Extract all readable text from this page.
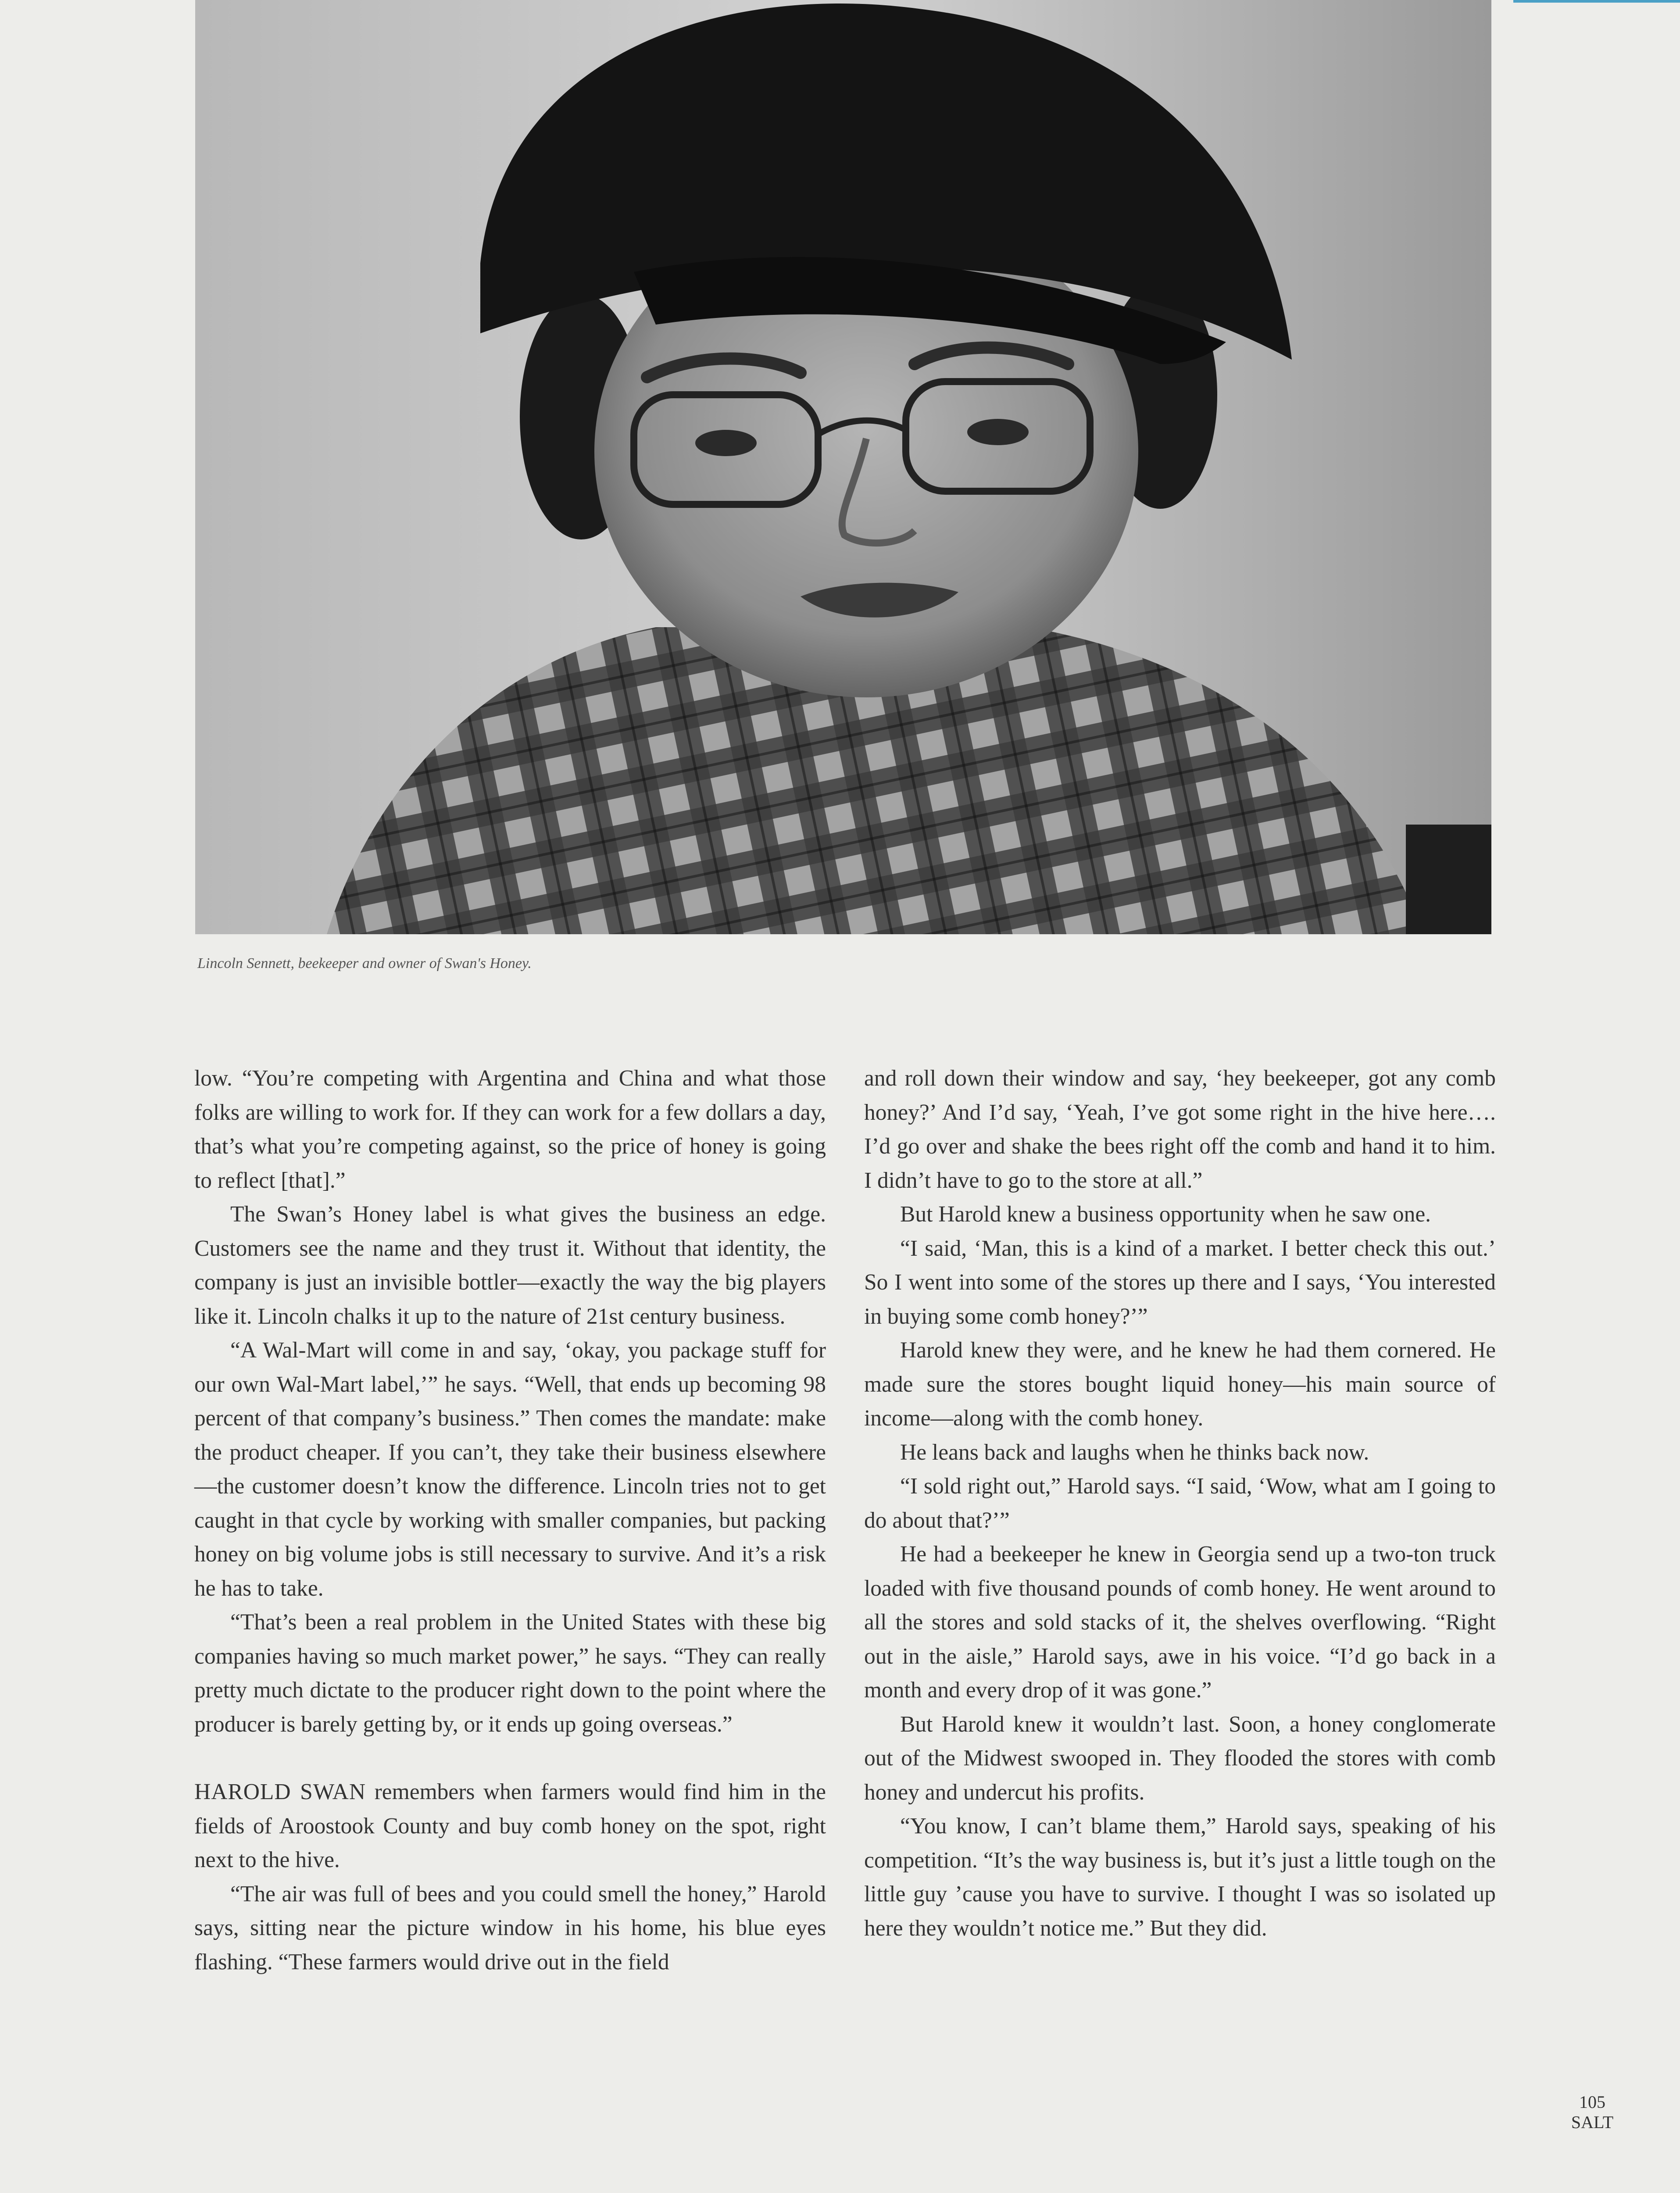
Lincoln Sennett, beekeeper and owner of Swan's Honey.

low. “You’re competing with Argentina and China and what those folks are willing to work for. If they can work for a few dollars a day, that’s what you’re competing against, so the price of honey is going to reflect [that].”

The Swan’s Honey label is what gives the business an edge. Customers see the name and they trust it. Without that identity, the company is just an invisible bottler—exactly the way the big players like it. Lincoln chalks it up to the nature of 21st century business.

“A Wal-Mart will come in and say, ‘okay, you package stuff for our own Wal-Mart label,’” he says. “Well, that ends up becoming 98 percent of that company’s business.” Then comes the mandate: make the product cheaper. If you can’t, they take their business elsewhere—the customer doesn’t know the difference. Lincoln tries not to get caught in that cycle by working with smaller companies, but packing honey on big volume jobs is still necessary to survive. And it’s a risk he has to take.

“That’s been a real problem in the United States with these big companies having so much market power,” he says. “They can really pretty much dictate to the producer right down to the point where the producer is barely getting by, or it ends up going overseas.”

HAROLD SWAN remembers when farmers would find him in the fields of Aroostook County and buy comb honey on the spot, right next to the hive.

“The air was full of bees and you could smell the honey,” Harold says, sitting near the picture window in his home, his blue eyes flashing. “These farmers would drive out in the field

and roll down their window and say, ‘hey beekeeper, got any comb honey?’ And I’d say, ‘Yeah, I’ve got some right in the hive here…. I’d go over and shake the bees right off the comb and hand it to him. I didn’t have to go to the store at all.”

But Harold knew a business opportunity when he saw one.

“I said, ‘Man, this is a kind of a market. I better check this out.’ So I went into some of the stores up there and I says, ‘You interested in buying some comb honey?’”

Harold knew they were, and he knew he had them cornered. He made sure the stores bought liquid honey—his main source of income—along with the comb honey.

He leans back and laughs when he thinks back now.

“I sold right out,” Harold says. “I said, ‘Wow, what am I going to do about that?’”

He had a beekeeper he knew in Georgia send up a two-ton truck loaded with five thousand pounds of comb honey. He went around to all the stores and sold stacks of it, the shelves overflowing. “Right out in the aisle,” Harold says, awe in his voice. “I’d go back in a month and every drop of it was gone.”

But Harold knew it wouldn’t last. Soon, a honey conglomerate out of the Midwest swooped in. They flooded the stores with comb honey and undercut his profits.

“You know, I can’t blame them,” Harold says, speaking of his competition. “It’s the way business is, but it’s just a little tough on the little guy ’cause you have to survive. I thought I was so isolated up here they wouldn’t notice me.” But they did.

105
SALT
